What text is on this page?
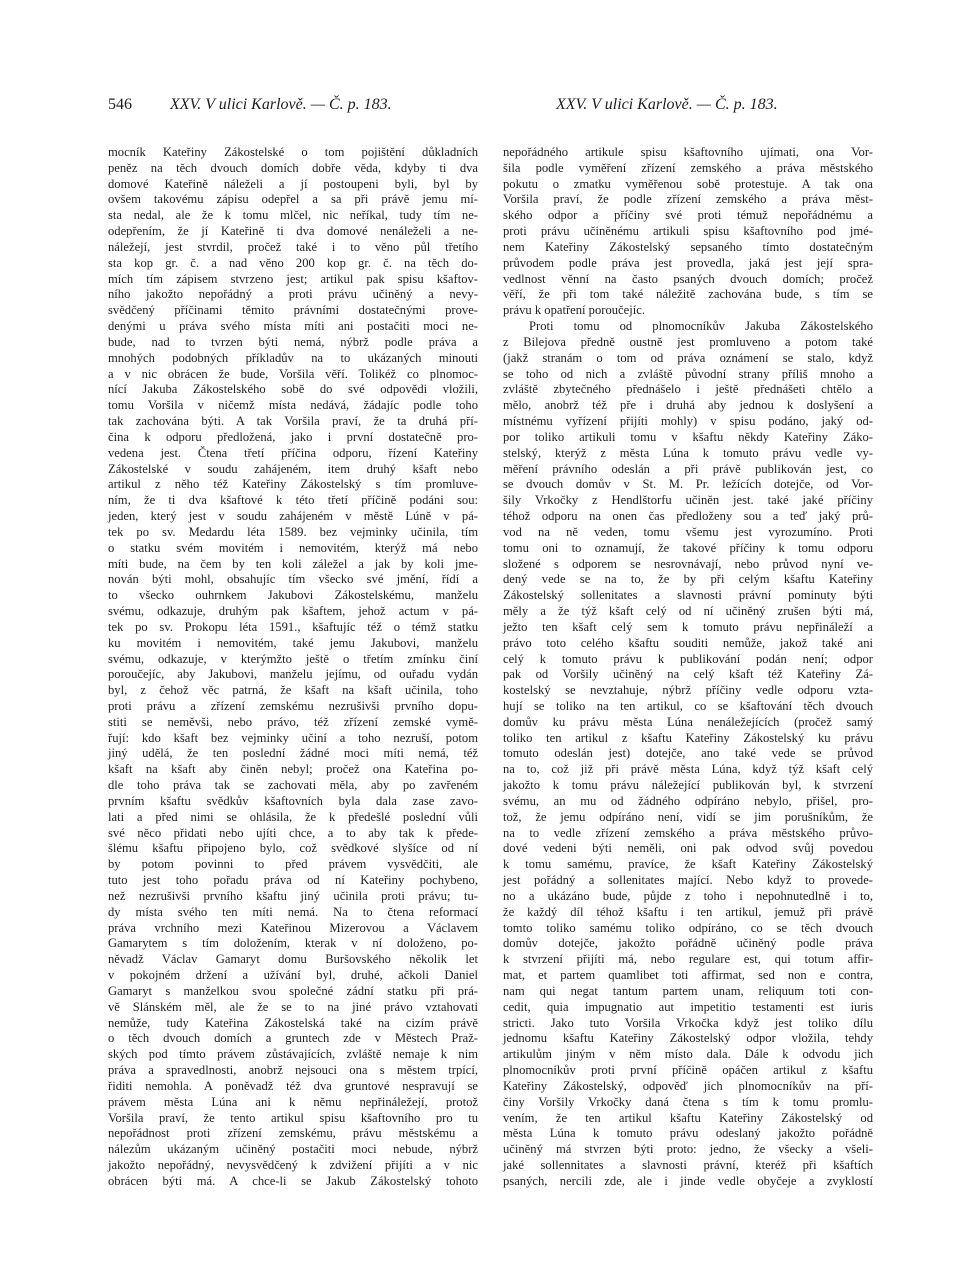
546 XXV. V ulici Karlově. — Č. p. 183.	XXV. V ulici Karlově. — Č. p. 183.
mocník Kateřiny Zákostelské o tom pojištění důkladních
peněz na těch dvouch domích dobře věda, kdyby ti dva
domové Kateřině náleželi a jí postoupeni byli, byl by
ovšem takovému zápisu odepřel a sa při právě jemu mí-
sta nedal, ale že k tomu mlčel, nic neříkal, tudy tím ne-
odepřením, že jí Kateřině ti dva domové nenáleželi a ne-
náležejí, jest stvrdil, pročež také i to věno půl třetího
sta kop gr. č. a nad věno 200 kop gr. č. na těch do-
mích tím zápisem stvrzeno jest; artikul pak spisu kšaftov-
ního jakožto nepořádný a proti právu učiněný a nevy-
svědčený příčinami těmito právními dostatečnými prove-
denými u práva svého místa míti ani postačiti moci ne-
bude, nad to tvrzen býti nemá, nýbrž podle práva a
mnohých podobných příkladův na to ukázaných minouti
a v nic obrácen že bude, Voršila věří. Tolikéž co plnomoc-
nící Jakuba Zákostelského sobě do své odpovědi vložili,
tomu Voršila v ničemž místa nedává, žádajíc podle toho
tak zachována býti. A tak Voršila praví, že ta druhá pří-
čina k odporu předložená, jako i první dostatečně pro-
vedena jest. Čtena třetí příčina odporu, řízení Kateřiny
Zákostelské v soudu zahájeném, item druhý kšaft nebo
artikul z něho též Kateřiny Zákostelský s tím promluve-
ním, že ti dva kšaftové k této třetí příčině podáni sou:
jeden, který jest v soudu zahájeném v městě Lúně v pá-
tek po sv. Medardu léta 1589. bez vejminky učinila, tím
o statku svém movitém i nemovitém, kterýž má nebo
míti bude, na čem by ten koli záležel a jak by koli jme-
nován býti mohl, obsahujíc tím všecko své jmění, řídí a
to všecko ouhrnkem Jakubovi Zákostelskému, manželu
svému, odkazuje, druhým pak kšaftem, jehož actum v pá-
tek po sv. Prokopu léta 1591., kšaftujíc též o témž statku
ku movitém i nemovitém, také jemu Jakubovi, manželu
svému, odkazuje, v kterýmžto ještě o třetím zmínku činí
poroučejíc, aby Jakubovi, manželu jejímu, od ouřadu vydán
byl, z čehož věc patrná, že kšaft na kšaft učinila, toho
proti právu a zřízení zemskému nezrušivši prvního dopu-
stiti se neměvši, nebo právo, též zřízení zemské vymě-
řují: kdo kšaft bez vejminky učiní a toho nezruší, potom
jiný udělá, že ten poslední žádné moci míti nemá, též
kšaft na kšaft aby činěn nebyl; pročež ona Kateřina po-
dle toho práva tak se zachovati měla, aby po zavřeném
prvním kšaftu svědkův kšaftovních byla dala zase zavo-
lati a před nimi se ohlásila, že k předešlé poslední vůli
své něco přidati nebo ujíti chce, a to aby tak k přede-
šlému kšaftu připojeno bylo, což svědkové slyšíce od ní
by potom povinni to před právem vysvědčiti, ale
tuto jest toho pořadu práva od ní Kateřiny pochybeno,
než nezrušivši prvního kšaftu jiný učinila proti právu; tu-
dy místa svého ten míti nemá. Na to čtena reformací
práva vrchního mezi Kateřinou Mizerovou a Václavem
Gamarytem s tím doložením, kterak v ní doloženo, po-
něvadž Václav Gamaryt domu Buršovského několik let
v pokojném držení a užívání byl, druhé, ačkoli Daniel
Gamaryt s manželkou svou společné zádní statku při prá-
vě Slánském měl, ale že se to na jiné právo vztahovati
nemůže, tudy Kateřina Zákostelská také na cizím právě
o těch dvouch domích a gruntech zde v Městech Praž-
ských pod tímto právem zůstávajících, zvláště nemaje k nim
práva a spravedlnosti, anobrž nejsouci ona s městem trpící,
řiditi nemohla. A poněvadž též dva gruntové nespravují se
právem města Lúna ani k němu nepřináležejí, protož
Voršila praví, že tento artikul spisu kšaftovního pro tu
nepořádnost proti zřízení zemskému, právu městskému a
nálezům ukázaným učiněný postačiti moci nebude, nýbrž
jakožto nepořádný, nevysvědčený k zdvižení přijíti a v nic
obrácen býti má. A chce-li se Jakub Zákostelský tohoto
nepořádného artikule spisu kšaftovního ujímati, ona Vor-
šila podle vyměření zřízení zemského a práva městského
pokutu o zmatku vyměřenou sobě protestuje. A tak ona
Voršila praví, že podle zřízení zemského a práva měst-
ského odpor a příčiny své proti témuž nepořádnému a
proti právu učiněnému artikuli spisu kšaftovního pod jmé-
nem Kateřiny Zákostelský sepsaného tímto dostatečným
průvodem podle práva jest provedla, jaká jest její spra-
vedlnost věnní na často psaných dvouch domích; pročež
věří, že při tom také náležitě zachována bude, s tím se
právu k opatření poroučejíc.
Proti tomu od plnomocníkův Jakuba Zákostelského
z Bilejova předně oustně jest promluveno a potom také
(jakž stranám o tom od práva oznámení se stalo, když
se toho od nich a zvláště původní strany příliš mnoho a
zvláště zbytečného přednášelo i ještě přednášeti chtělo a
mělo, anobrž též pře i druhá aby jednou k doslyšení a
místnému vyřízení přijíti mohly) v spisu podáno, jaký od-
por toliko artikuli tomu v kšaftu někdy Kateřiny Záko-
stelský, kterýž z města Lúna k tomuto právu vedle vy-
měření právního odeslán a při právě publikován jest, co
se dvouch domův v St. M. Pr. ležících dotejče, od Vor-
šily Vrkočky z Hendlštorfu učiněn jest. také jaké příčiny
téhož odporu na onen čas předloženy sou a teď jaký prů-
vod na ně veden, tomu všemu jest vyrozumíno. Proti
tomu oni to oznamují, že takové příčiny k tomu odporu
složené s odporem se nesrovnávají, nebo průvod nyní ve-
dený vede se na to, že by při celým kšaftu Kateřiny
Zákostelský sollenitates a slavnosti právní pominuty býti
měly a že týž kšaft celý od ní učiněný zrušen býti má,
ježto ten kšaft celý sem k tomuto právu nepřináleží a
právo toto celého kšaftu souditi nemůže, jakož také ani
celý k tomuto právu k publikování podán není; odpor
pak od Voršily učiněný na celý kšaft též Kateřiny Zá-
kostelský se nevztahuje, nýbrž příčiny vedle odporu vzta-
hují se toliko na ten artikul, co se kšaftování těch dvouch
domův ku právu města Lúna nenáležejících (pročež samý
toliko ten artikul z kšaftu Kateřiny Zákostelský ku právu
tomuto odeslán jest) dotejče, ano také vede se průvod
na to, což již při právě města Lúna, když týž kšaft celý
jakožto k tomu právu náležející publikován byl, k stvrzení
svému, an mu od žádného odpíráno nebylo, přišel, pro-
tož, že jemu odpíráno není, vidí se jim porušníkům, že
na to vedle zřízení zemského a práva městského průvo-
dové vedeni býti neměli, oni pak odvod svůj povedou
k tomu samému, pravíce, že kšaft Kateřiny Zákostelský
jest pořádný a sollenitates mající. Nebo když to provede-
no a ukázáno bude, půjde z toho i nepohnutedlně i to,
že každý díl téhož kšaftu i ten artikul, jemuž při právě
tomto toliko samému toliko odpíráno, co se těch dvouch
domův dotejče, jakožto pořádně učiněný podle práva
k stvrzení přijíti má, nebo regulare est, qui totum affir-
mat, et partem quamlibet toti affirmat, sed non e contra,
nam qui negat tantum partem unam, reliquum toti con-
cedit, quia impugnatio aut impetitio testamenti est iuris
stricti. Jako tuto Voršila Vrkočka když jest toliko dílu
jednomu kšaftu Kateřiny Zákostelský odpor vložila, tehdy
artikulům jiným v něm místo dala. Dále k odvodu jich
plnomocníkův proti první příčině opáčen artikul z kšaftu
Kateřiny Zákostelský, odpověď jich plnomocníkův na pří-
činy Voršily Vrkočky daná čtena s tím k tomu promlu-
vením, že ten artikul kšaftu Kateřiny Zákostelský od
města Lúna k tomuto právu odeslaný jakožto pořádně
učiněný má stvrzen býti proto: jedno, že všecky a všeli-
jaké sollennitates a slavnosti právní, kteréž při kšaftích
psaných, nercili zde, ale i jinde vedle obyčeje a zvyklostí
